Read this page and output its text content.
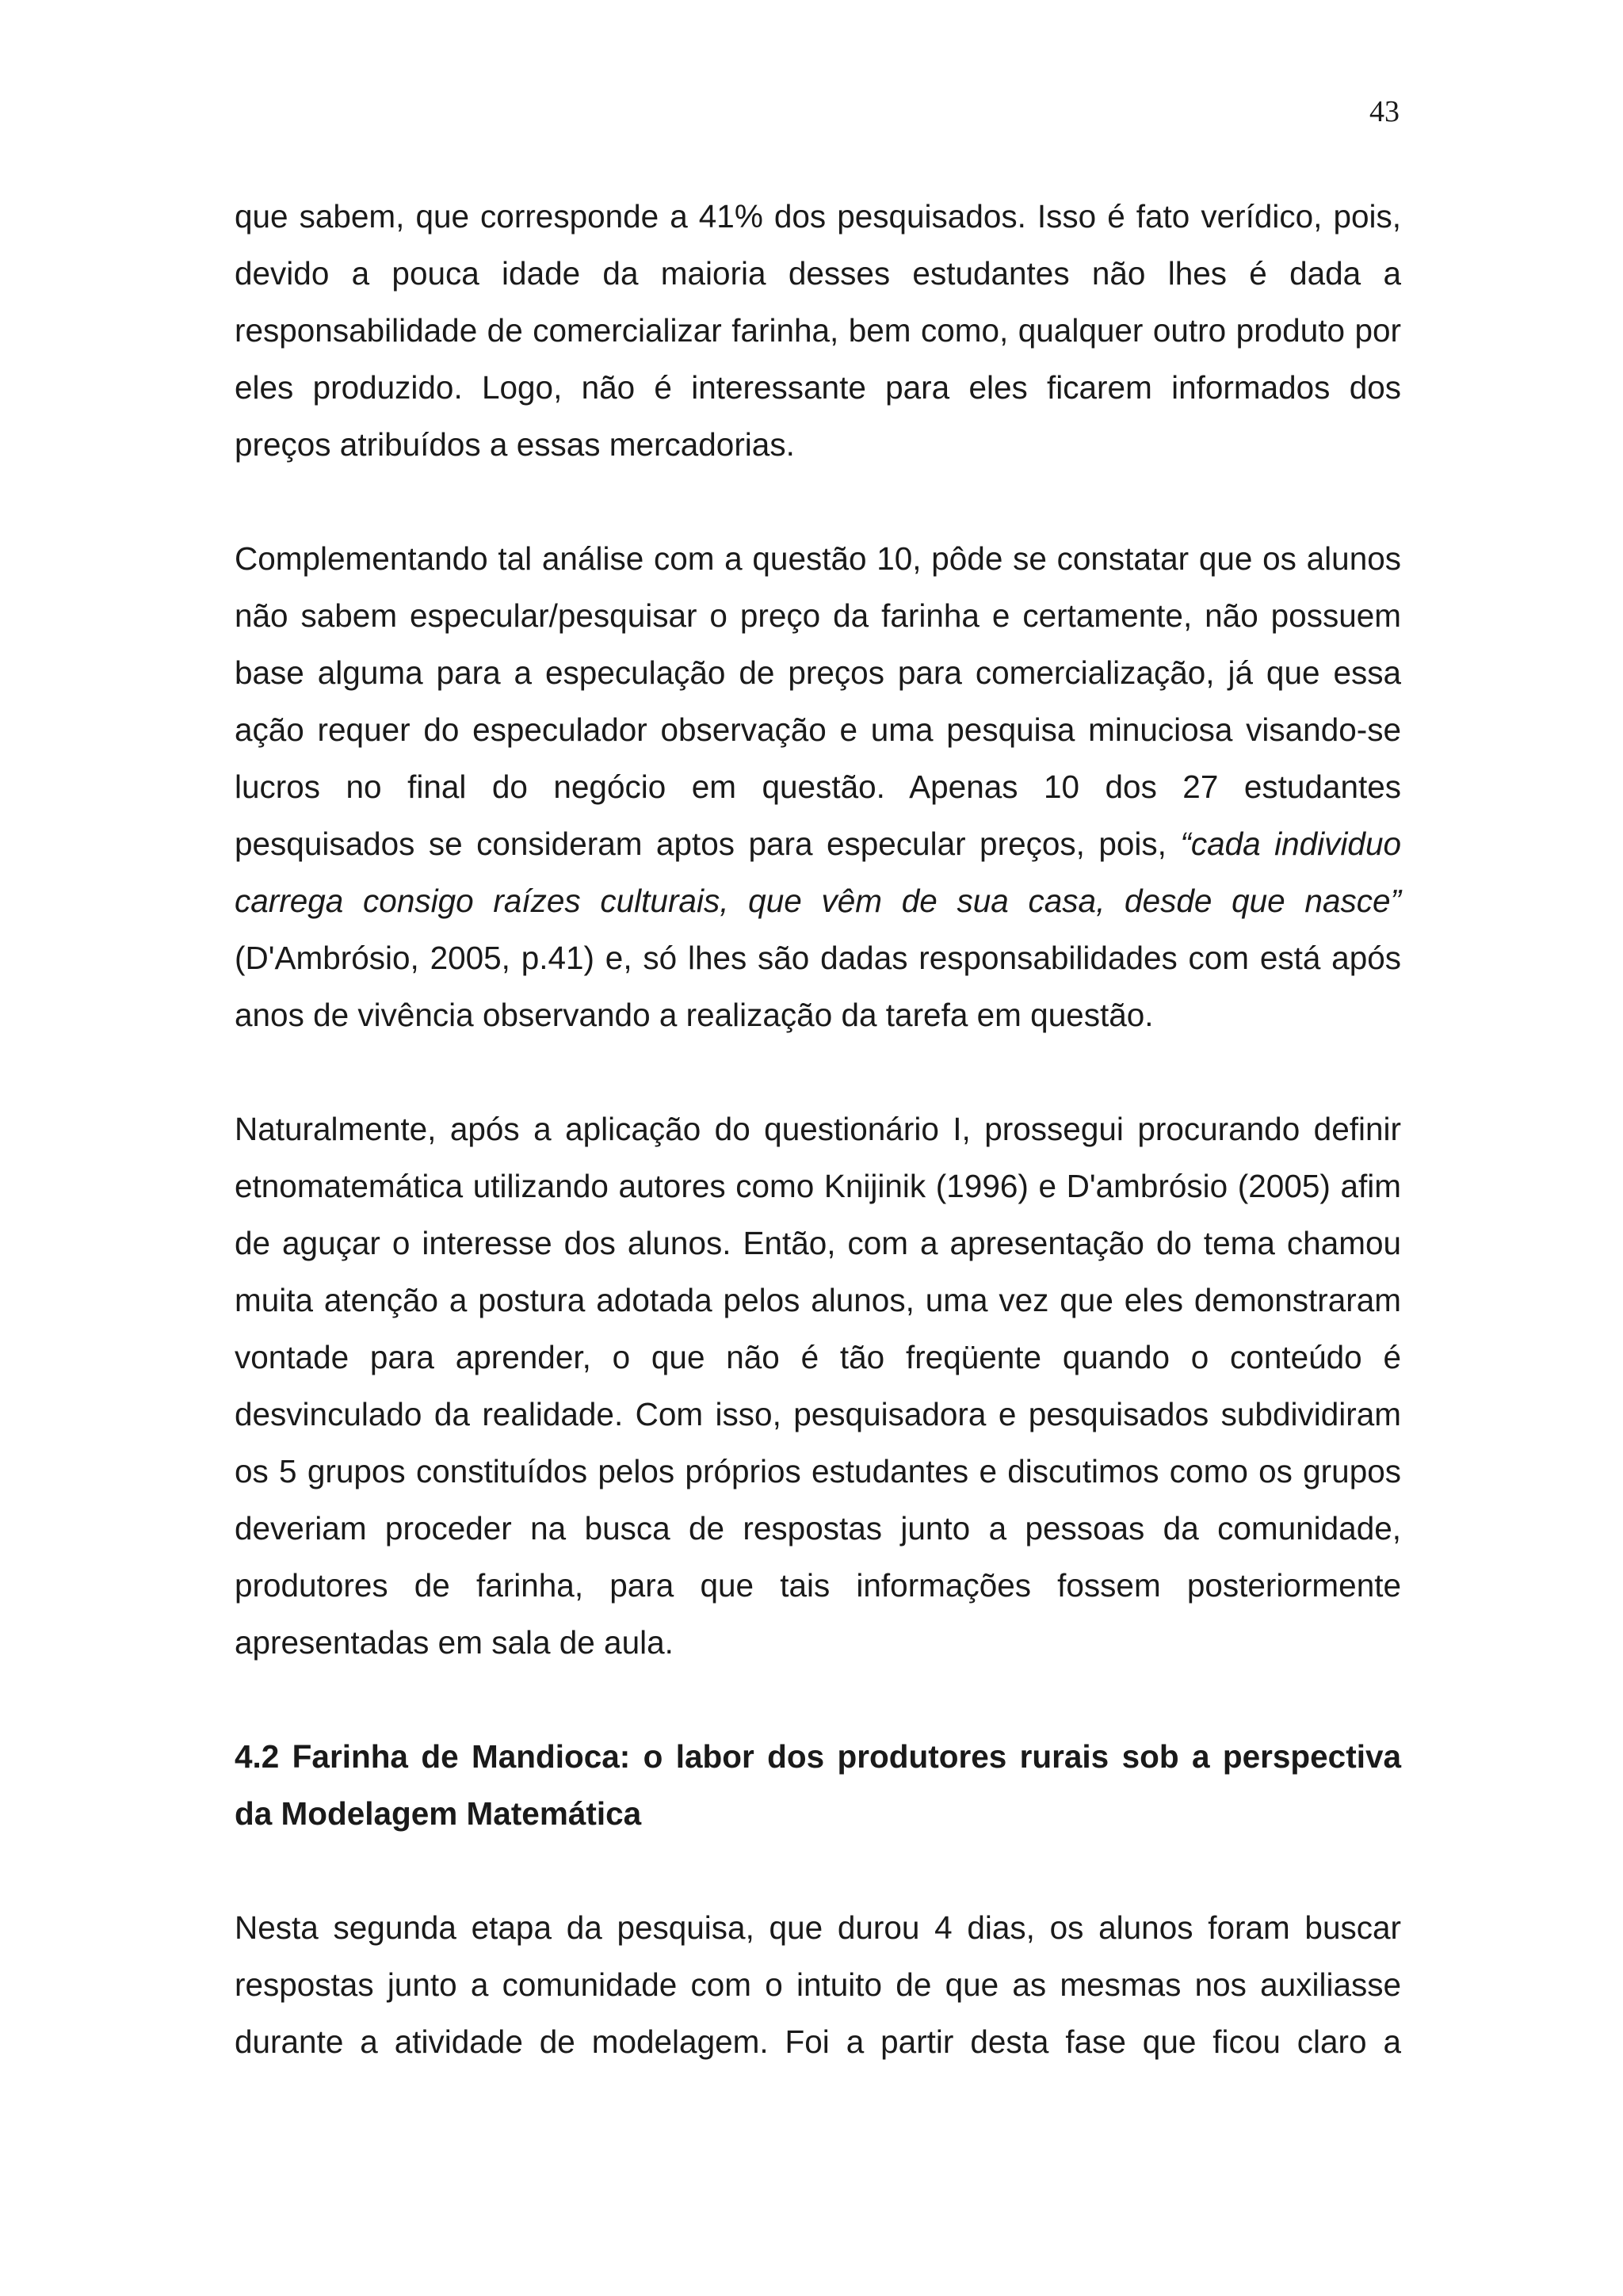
43

que sabem, que corresponde a 41% dos pesquisados. Isso é fato verídico, pois, devido a pouca idade da maioria desses estudantes não lhes é dada a responsabilidade de comercializar farinha, bem como, qualquer outro produto por eles produzido. Logo, não é interessante para eles ficarem informados dos preços atribuídos a essas mercadorias.

Complementando tal análise com a questão 10, pôde se constatar que os alunos não sabem especular/pesquisar o preço da farinha e certamente, não possuem base alguma para a especulação de preços para comercialização, já que essa ação requer do especulador observação e uma pesquisa minuciosa visando-se lucros no final do negócio em questão. Apenas 10 dos 27 estudantes pesquisados se consideram aptos para especular preços, pois, “cada individuo carrega consigo raízes culturais, que vêm de sua casa, desde que nasce” (D'Ambrósio, 2005, p.41) e, só lhes são dadas responsabilidades com está após anos de vivência observando a realização da tarefa em questão.

Naturalmente, após a aplicação do questionário I, prossegui procurando definir etnomatemática utilizando autores como Knijinik (1996) e D'ambrósio (2005) afim de aguçar o interesse dos alunos. Então, com a apresentação do tema chamou muita atenção a postura adotada pelos alunos, uma vez que eles demonstraram vontade para aprender, o que não é tão freqüente quando o conteúdo é desvinculado da realidade. Com isso, pesquisadora e pesquisados subdividiram os 5 grupos constituídos pelos próprios estudantes e discutimos como os grupos deveriam proceder na busca de respostas junto a pessoas da comunidade, produtores de farinha, para que tais informações fossem posteriormente apresentadas em sala de aula.

4.2 Farinha de Mandioca: o labor dos produtores rurais sob a perspectiva da Modelagem Matemática

Nesta segunda etapa da pesquisa, que durou 4 dias, os alunos foram buscar respostas junto a comunidade com o intuito de que as mesmas nos auxiliasse durante a atividade de modelagem. Foi a partir desta fase que ficou claro a
